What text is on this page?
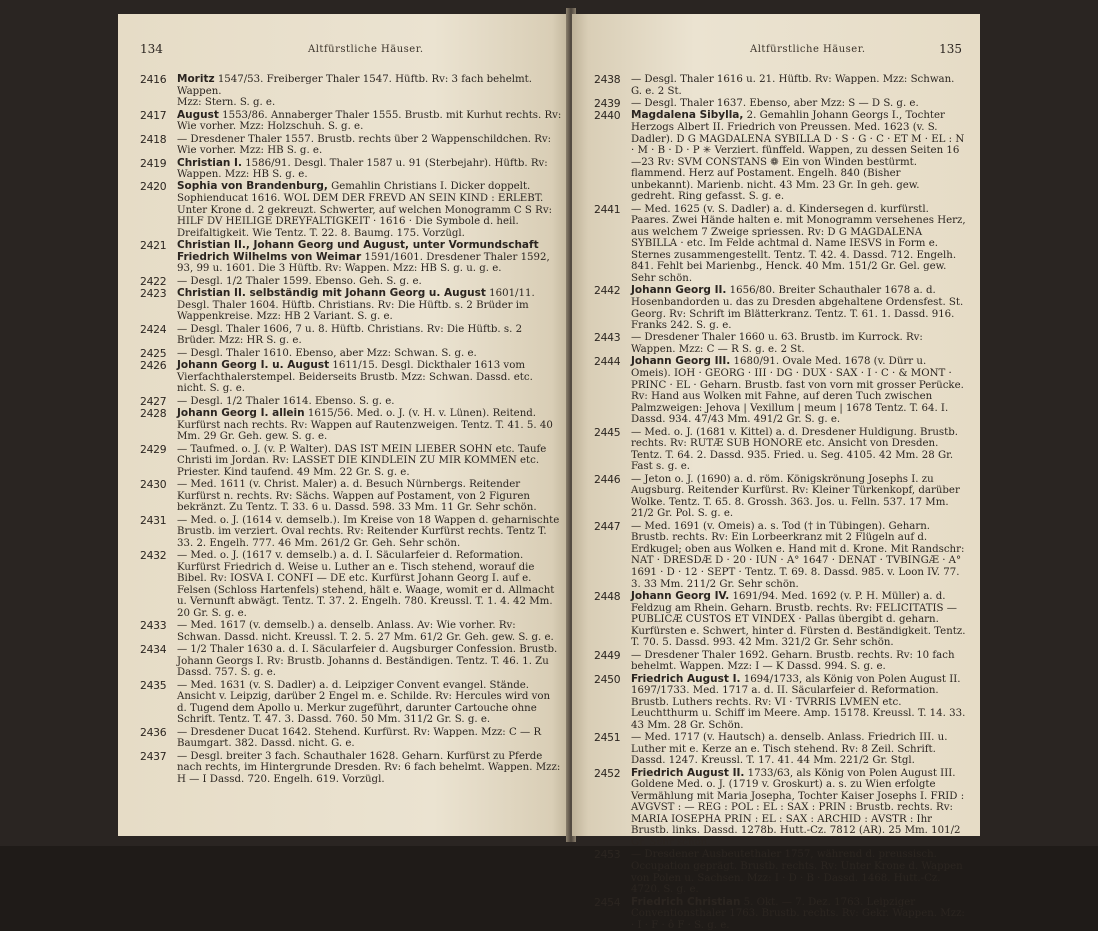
134	Altfürstliche Häuser.
2416 Moritz 1547/53. Freiberger Thaler 1547. Hüftb. Rv: 3 fach behelmt. Wappen.
Mzz: Stern. S. g. e.
2417 August 1553/86. Annaberger Thaler 1555. Brustb. mit Kurhut rechts. Rv: Wie vorher. Mzz: Holzschuh. S. g. e.
2418 — Dresdener Thaler 1557. Brustb. rechts über 2 Wappenschildchen. Rv: Wie vorher. Mzz: HB S. g. e.
2419 Christian I. 1586/91. Desgl. Thaler 1587 u. 91 (Sterbejahr). Hüftb. Rv: Wappen. Mzz: HB S. g. e.
2420 Sophia von Brandenburg, Gemahlin Christians I. Dicker doppelt. Sophienducat 1616. WOL DEM DER FREVD AN SEIN KIND : ERLEBT. Unter Krone d. 2 gekreuzt. Schwerter, auf welchen Monogramm C S Rv: HILF DV HEILIGE DREYFALTIGKEIT · 1616 · Die Symbole d. heil. Dreifaltigkeit. Wie Tentz. T. 22. 8. Baumg. 175. Vorzügl.
2421 Christian II., Johann Georg und August, unter Vormundschaft Friedrich Wilhelms von Weimar 1591/1601. Dresdener Thaler 1592, 93, 99 u. 1601. Die 3 Hüftb. Rv: Wappen. Mzz: HB S. g. u. g. e.
2422 — Desgl. 1/2 Thaler 1599. Ebenso. Geh. S. g. e.
2423 Christian II. selbständig mit Johann Georg u. August 1601/11. Desgl. Thaler 1604. Hüftb. Christians. Rv: Die Hüftb. s. 2 Brüder im Wappenkreise. Mzz: HB 2 Variant. S. g. e.
2424 — Desgl. Thaler 1606, 7 u. 8. Hüftb. Christians. Rv: Die Hüftb. s. 2 Brüder. Mzz: HR S. g. e.
2425 — Desgl. Thaler 1610. Ebenso, aber Mzz: Schwan. S. g. e.
2426 Johann Georg I. u. August 1611/15. Desgl. Dickthaler 1613 vom Vierfachthalerstempel. Beiderseits Brustb. Mzz: Schwan. Dassd. etc. nicht. S. g. e.
2427 — Desgl. 1/2 Thaler 1614. Ebenso. S. g. e.
2428 Johann Georg I. allein 1615/56. Med. o. J. (v. H. v. Lünen). Reitend. Kurfürst nach rechts. Rv: Wappen auf Rautenzweigen. Tentz. T. 41. 5. 40 Mm. 29 Gr. Geh. gew. S. g. e.
2429 — Taufmed. o. J. (v. P. Walter). DAS IST MEIN LIEBER SOHN etc. Taufe Christi im Jordan. Rv: LASSET DIE KINDLEIN ZU MIR KOMMEN etc. Priester. Kind taufend. 49 Mm. 22 Gr. S. g. e.
2430 — Med. 1611 (v. Christ. Maler) a. d. Besuch Nürnbergs. Reitender Kurfürst n. rechts. Rv: Sächs. Wappen auf Postament, von 2 Figuren bekränzt. Zu Tentz. T. 33. 6 u. Dassd. 598. 33 Mm. 11 Gr. Sehr schön.
2431 — Med. o. J. (1614 v. demselb.). Im Kreise von 18 Wappen d. geharnischte Brustb. im verziert. Oval rechts. Rv: Reitender Kurfürst rechts. Tentz T. 33. 2. Engelh. 777. 46 Mm. 261/2 Gr. Geh. Sehr schön.
2432 — Med. o. J. (1617 v. demselb.) a. d. I. Säcularfeier d. Reformation. Kurfürst Friedrich d. Weise u. Luther an e. Tisch stehend, worauf die Bibel. Rv: IOSVA I. CONFI — DE etc. Kurfürst Johann Georg I. auf e. Felsen (Schloss Hartenfels) stehend, hält e. Waage, womit er d. Allmacht u. Vernunft abwägt. Tentz. T. 37. 2. Engelh. 780. Kreussl. T. 1. 4. 42 Mm. 20 Gr. S. g. e.
2433 — Med. 1617 (v. demselb.) a. denselb. Anlass. Av: Wie vorher. Rv: Schwan. Dassd. nicht. Kreussl. T. 2. 5. 27 Mm. 61/2 Gr. Geh. gew. S. g. e.
2434 — 1/2 Thaler 1630 a. d. I. Säcularfeier d. Augsburger Confession. Brustb. Johann Georgs I. Rv: Brustb. Johanns d. Beständigen. Tentz. T. 46. 1. Zu Dassd. 757. S. g. e.
2435 — Med. 1631 (v. S. Dadler) a. d. Leipziger Convent evangel. Stände. Ansicht v. Leipzig, darüber 2 Engel m. e. Schilde. Rv: Hercules wird von d. Tugend dem Apollo u. Merkur zugeführt, darunter Cartouche ohne Schrift. Tentz. T. 47. 3. Dassd. 760. 50 Mm. 311/2 Gr. S. g. e.
2436 — Dresdener Ducat 1642. Stehend. Kurfürst. Rv: Wappen. Mzz: C — R Baumgart. 382. Dassd. nicht. G. e.
2437 — Desgl. breiter 3 fach. Schauthaler 1628. Geharn. Kurfürst zu Pferde nach rechts, im Hintergrunde Dresden. Rv: 6 fach behelmt. Wappen. Mzz: H — I Dassd. 720. Engelh. 619. Vorzügl.
Altfürstliche Häuser.	135
2438 — Desgl. Thaler 1616 u. 21. Hüftb. Rv: Wappen. Mzz: Schwan. G. e. 2 St.
2439 — Desgl. Thaler 1637. Ebenso, aber Mzz: S — D S. g. e.
2440 Magdalena Sibylla, 2. Gemahlin Johann Georgs I., Tochter Herzogs Albert II. Friedrich von Preussen. Med. 1623 (v. S. Dadler). D G MAGDALENA SYBILLA D · S · G · C · ET M · EL : N · M · B · D · P ✳ Verziert. fünffeld. Wappen, zu dessen Seiten 16—23 Rv: SVM CONSTANS ❁ Ein von Winden bestürmt. flammend. Herz auf Postament. Engelh. 840 (Bisher unbekannt). Marienb. nicht. 43 Mm. 23 Gr. In geh. gew. gedreht. Ring gefasst. S. g. e.
2441 — Med. 1625 (v. S. Dadler) a. d. Kindersegen d. kurfürstl. Paares. Zwei Hände halten e. mit Monogramm versehenes Herz, aus welchem 7 Zweige spriessen. Rv: D G MAGDALENA SYBILLA · etc. Im Felde achtmal d. Name IESVS in Form e. Sternes zusammengestellt. Tentz. T. 42. 4. Dassd. 712. Engelh. 841. Fehlt bei Marienbg., Henck. 40 Mm. 151/2 Gr. Gel. gew. Sehr schön.
2442 Johann Georg II. 1656/80. Breiter Schauthaler 1678 a. d. Hosenbandorden u. das zu Dresden abgehaltene Ordensfest. St. Georg. Rv: Schrift im Blätterkranz. Tentz. T. 61. 1. Dassd. 916. Franks 242. S. g. e.
2443 — Dresdener Thaler 1660 u. 63. Brustb. im Kurrock. Rv: Wappen. Mzz: C — R S. g. e. 2 St.
2444 Johann Georg III. 1680/91. Ovale Med. 1678 (v. Dürr u. Omeis). IOH · GEORG · III · DG · DUX · SAX · I · C · & MONT · PRINC · EL · Geharn. Brustb. fast von vorn mit grosser Perücke. Rv: Hand aus Wolken mit Fahne, auf deren Tuch zwischen Palmzweigen: Jehova | Vexillum | meum | 1678 Tentz. T. 64. I. Dassd. 934. 47/43 Mm. 491/2 Gr. S. g. e.
2445 — Med. o. J. (1681 v. Kittel) a. d. Dresdener Huldigung. Brustb. rechts. Rv: RUTÆ SUB HONORE etc. Ansicht von Dresden. Tentz. T. 64. 2. Dassd. 935. Fried. u. Seg. 4105. 42 Mm. 28 Gr. Fast s. g. e.
2446 — Jeton o. J. (1690) a. d. röm. Königskrönung Josephs I. zu Augsburg. Reitender Kurfürst. Rv: Kleiner Türkenkopf, darüber Wolke. Tentz. T. 65. 8. Grossh. 363. Jos. u. Felln. 537. 17 Mm. 21/2 Gr. Pol. S. g. e.
2447 — Med. 1691 (v. Omeis) a. s. Tod († in Tübingen). Geharn. Brustb. rechts. Rv: Ein Lorbeerkranz mit 2 Flügeln auf d. Erdkugel; oben aus Wolken e. Hand mit d. Krone. Mit Randschr: NAT · DRESDÆ D · 20 · IUN · A° 1647 · DENAT · TVBINGÆ · A° 1691 · D · 12 · SEPT · Tentz. T. 69. 8. Dassd. 985. v. Loon IV. 77. 3. 33 Mm. 211/2 Gr. Sehr schön.
2448 Johann Georg IV. 1691/94. Med. 1692 (v. P. H. Müller) a. d. Feldzug am Rhein. Geharn. Brustb. rechts. Rv: FELICITATIS — PUBLICÆ CUSTOS ET VINDEX · Pallas übergibt d. geharn. Kurfürsten e. Schwert, hinter d. Fürsten d. Beständigkeit. Tentz. T. 70. 5. Dassd. 993. 42 Mm. 321/2 Gr. Sehr schön.
2449 — Dresdener Thaler 1692. Geharn. Brustb. rechts. Rv: 10 fach behelmt. Wappen. Mzz: I — K Dassd. 994. S. g. e.
2450 Friedrich August I. 1694/1733, als König von Polen August II. 1697/1733. Med. 1717 a. d. II. Säcularfeier d. Reformation. Brustb. Luthers rechts. Rv: VI · TVRRIS LVMEN etc. Leuchtthurm u. Schiff im Meere. Amp. 15178. Kreussl. T. 14. 33. 43 Mm. 28 Gr. Schön.
2451 — Med. 1717 (v. Hautsch) a. denselb. Anlass. Friedrich III. u. Luther mit e. Kerze an e. Tisch stehend. Rv: 8 Zeil. Schrift. Dassd. 1247. Kreussl. T. 17. 41. 44 Mm. 221/2 Gr. Stgl.
2452 Friedrich August II. 1733/63, als König von Polen August III. Goldene Med. o. J. (1719 v. Groskurt) a. s. zu Wien erfolgte Vermählung mit Maria Josepha, Tochter Kaiser Josephs I. FRID : AVGVST : — REG : POL : EL : SAX : PRIN : Brustb. rechts. Rv: MARIA IOSEPHA PRIN : EL : SAX : ARCHID : AVSTR : Ihr Brustb. links. Dassd. 1278b. Hutt.-Cz. 7812 (AR). 25 Mm. 101/2 Gr. Sehr schön.
2453 — Dresdener Ausbeutethaler 1757, während d. preussisch. Occupation geprägt. Brustb. rechts. Rv: Unter Krone d. Wappen von Polen u. Sachsen. Mzz: I · D · B · Dassd. 1468. Hutt.-Cz. 4720. S. g. e.
2454 Friedrich Christian 5. Okt. — 7. Dez. 1763. Leipziger Conventionsthaler 1763. Brustb. rechts. Rv: Gekr. Wappen. Mzz: · I · F · ô F · S. g. e.
